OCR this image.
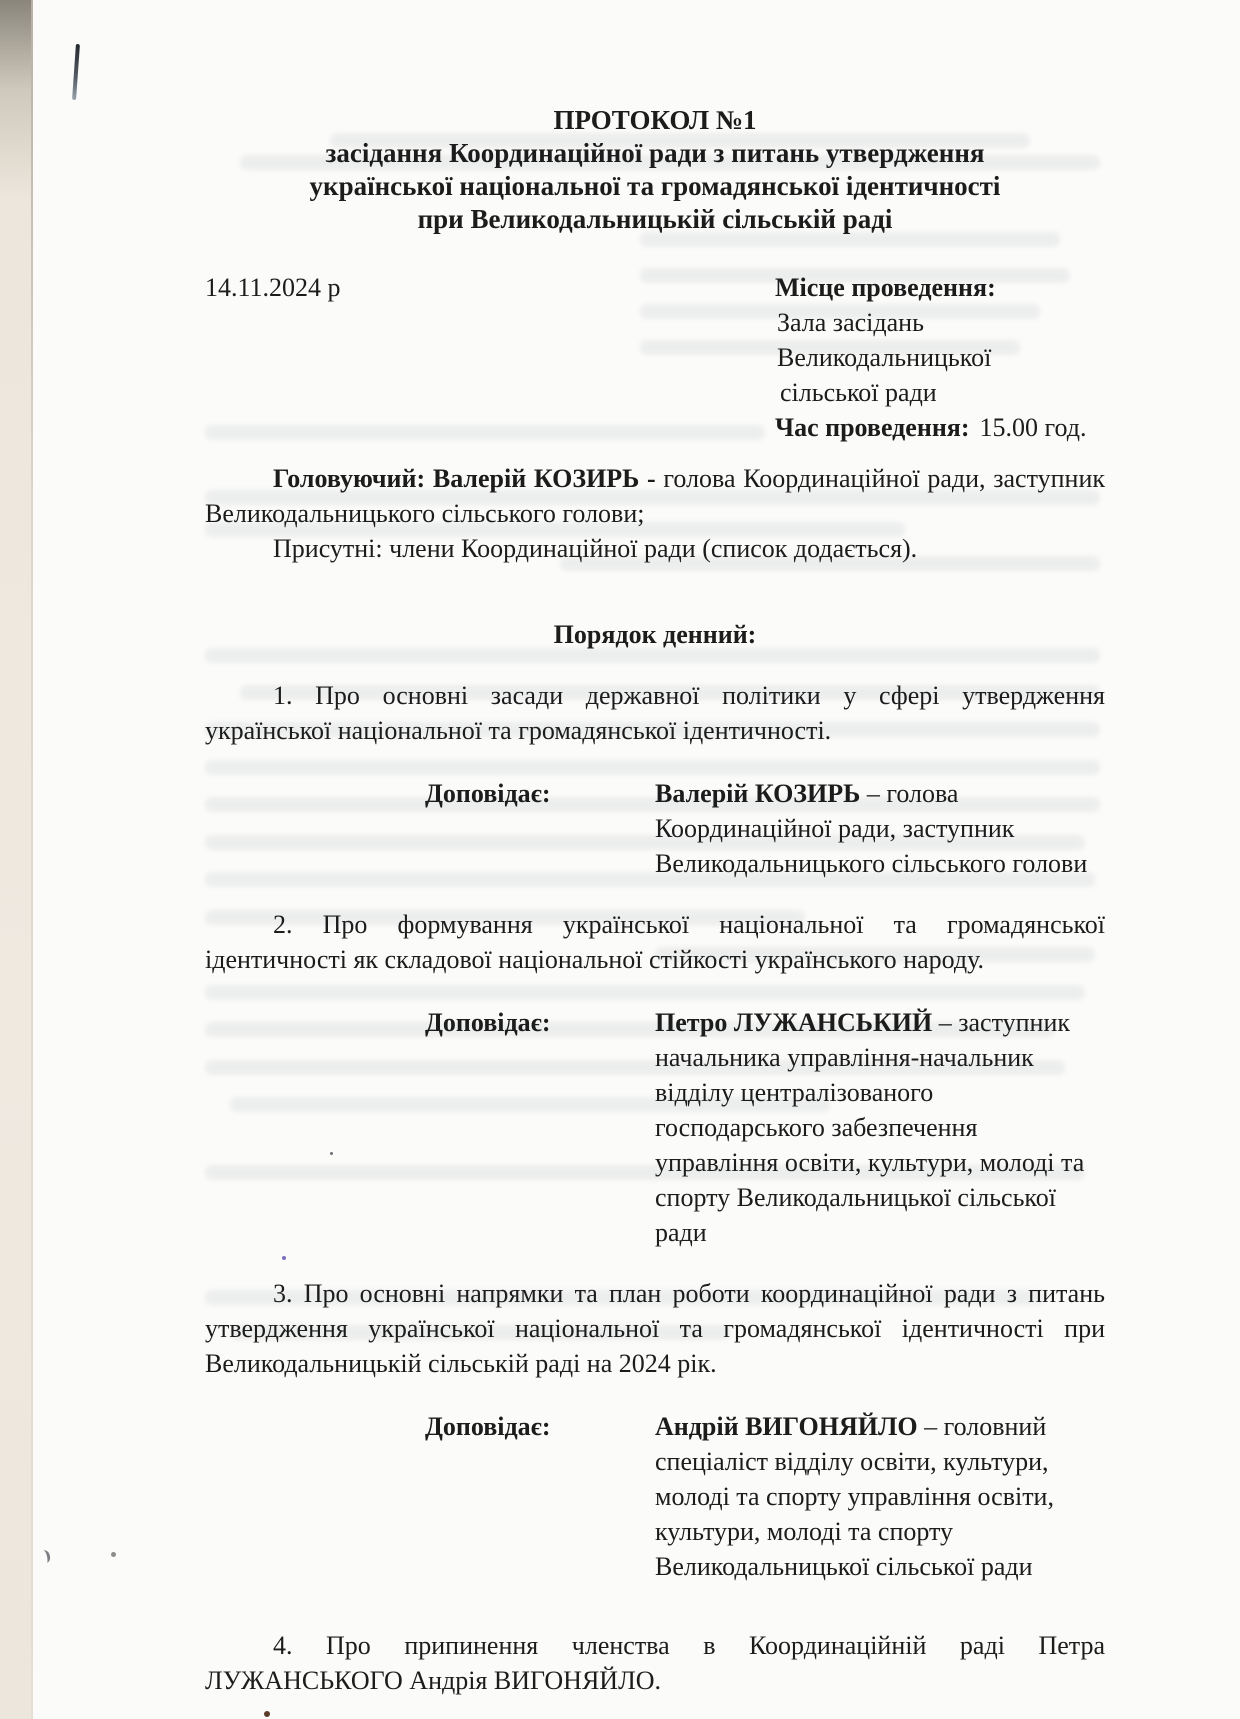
ПРОТОКОЛ №1
засідання Координаційної ради з питань утвердження
української національної та громадянської ідентичності
при Великодальницькій сільській раді
14.11.2024 р	Місце проведення:
Зала засідань
Великодальницької
сільської ради
Час проведення: 15.00 год.
Головуючий: Валерій КОЗИРЬ - голова Координаційної ради, заступник Великодальницького сільського голови;
Присутні: члени Координаційної ради (список додається).
Порядок денний:
1. Про основні засади державної політики у сфері утвердження української національної та громадянської ідентичності.
Доповідає:	Валерій КОЗИРЬ – голова Координаційної ради, заступник Великодальницького сільського голови
2. Про формування української національної та громадянської ідентичності як складової національної стійкості українського народу.
Доповідає:	Петро ЛУЖАНСЬКИЙ – заступник начальника управління-начальник відділу централізованого господарського забезпечення управління освіти, культури, молоді та спорту Великодальницької сільської ради
3. Про основні напрямки та план роботи координаційної ради з питань утвердження української національної та громадянської ідентичності при Великодальницькій сільській раді на 2024 рік.
Доповідає:	Андрій ВИГОНЯЙЛО – головний спеціаліст відділу освіти, культури, молоді та спорту управління освіти, культури, молоді та спорту Великодальницької сільської ради
4. Про припинення членства в Координаційній раді Петра ЛУЖАНСЬКОГО Андрія ВИГОНЯЙЛО.
